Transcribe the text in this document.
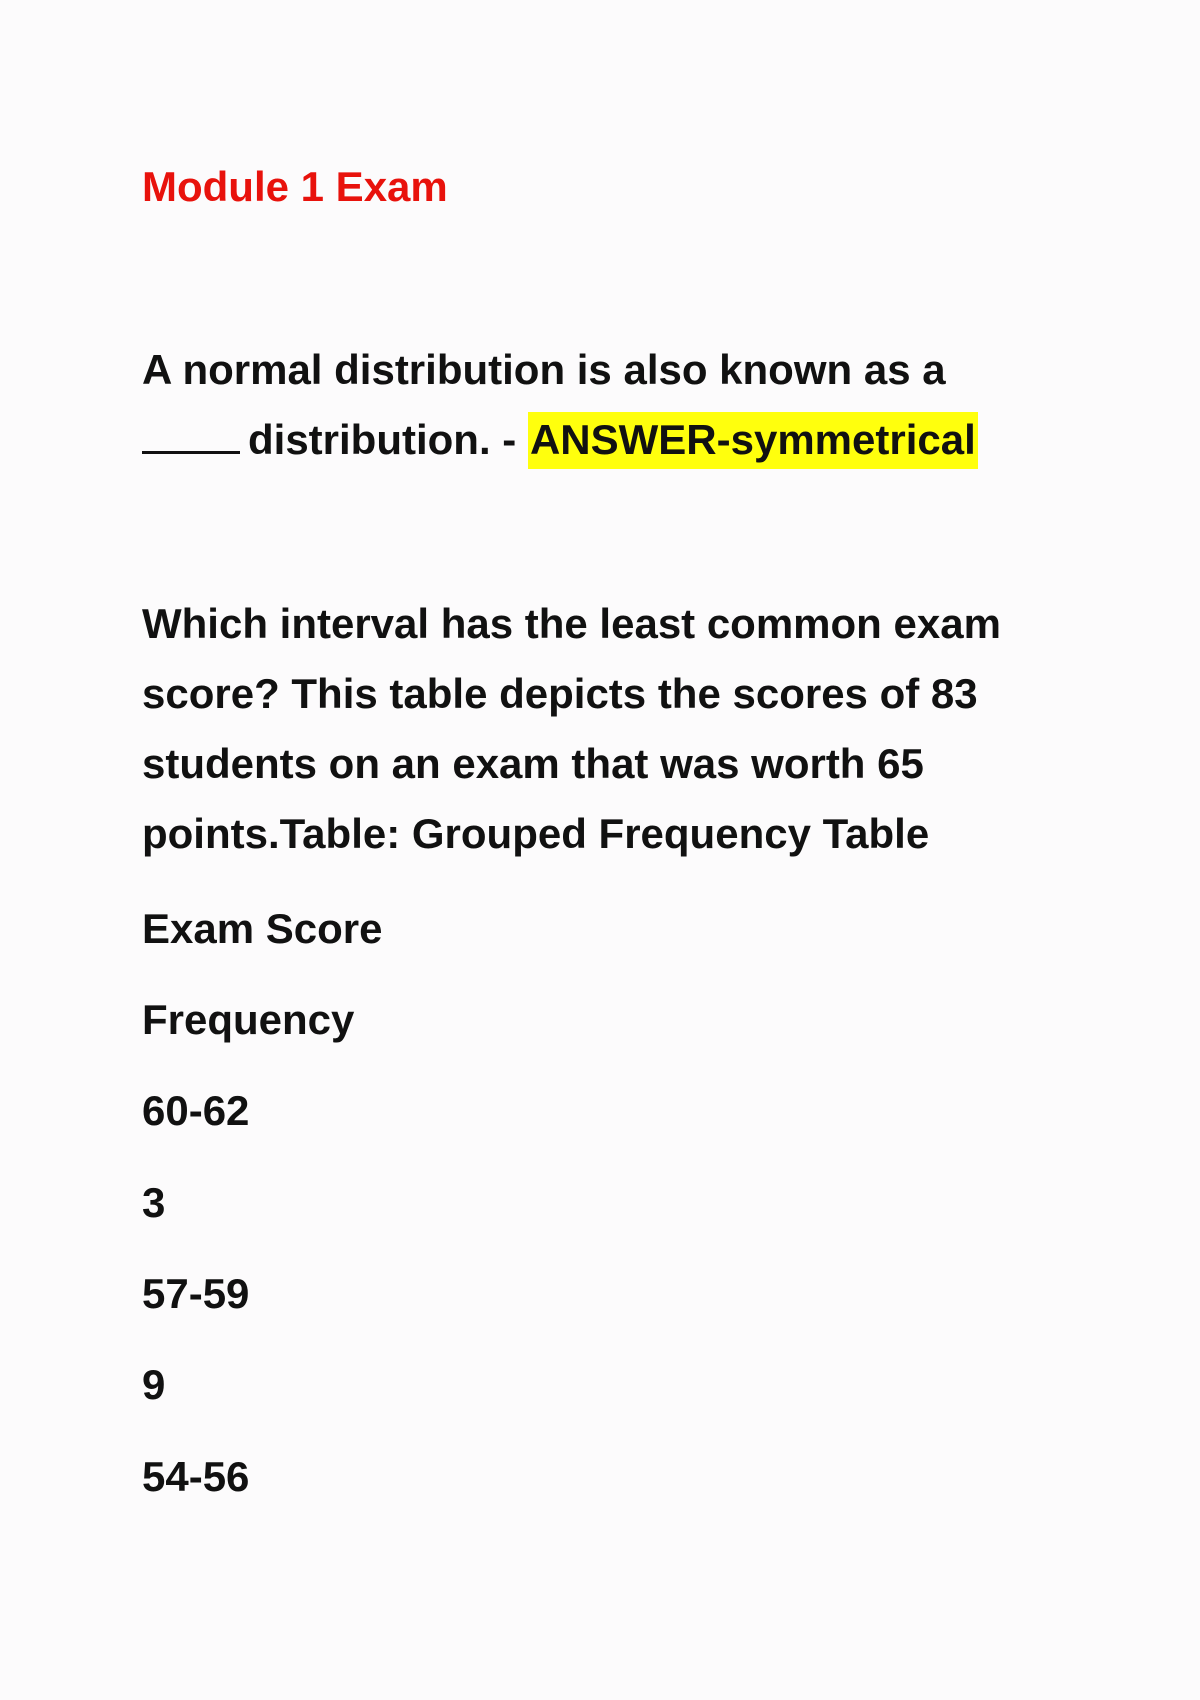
Module 1 Exam
A normal distribution is also known as a
distribution. - ANSWER-symmetrical
Which interval has the least common exam score? This table depicts the scores of 83 students on an exam that was worth 65 points.Table: Grouped Frequency Table
Exam Score
Frequency
60-62
3
57-59
9
54-56
